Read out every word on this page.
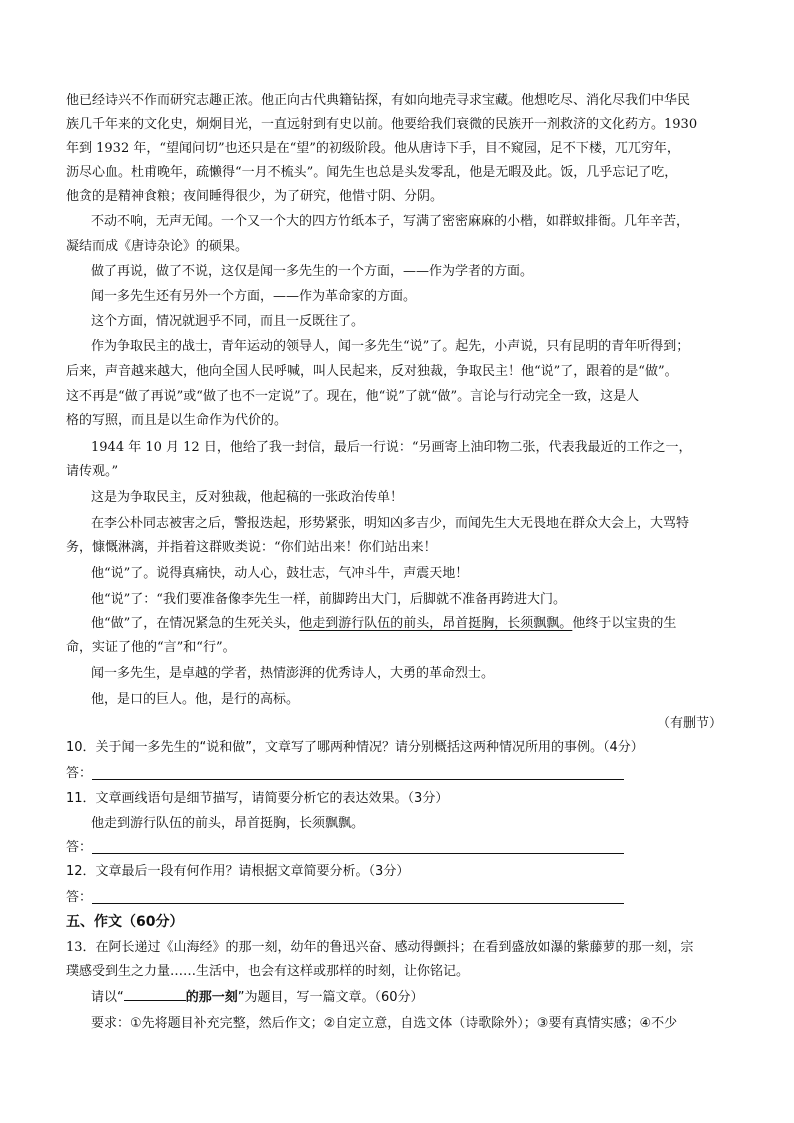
他已经诗兴不作而研究志趣正浓。他正向古代典籍钻探，有如向地壳寻求宝藏。他想吃尽、消化尽我们中华民
族几千年来的文化史，炯炯目光，一直远射到有史以前。他要给我们衰微的民族开一剂救济的文化药方。1930
年到 1932 年，“望闻问切”也还只是在“望”的初级阶段。他从唐诗下手，目不窥园，足不下楼，兀兀穷年，
沥尽心血。杜甫晚年，疏懒得“一月不梳头”。闻先生也总是头发零乱，他是无暇及此。饭，几乎忘记了吃，
他贪的是精神食粮；夜间睡得很少，为了研究，他惜寸阴、分阴。
不动不响，无声无闻。一个又一个大的四方竹纸本子，写满了密密麻麻的小楷，如群蚁排衙。几年辛苦，
凝结而成《唐诗杂论》的硕果。
做了再说，做了不说，这仅是闻一多先生的一个方面，——作为学者的方面。
闻一多先生还有另外一个方面，——作为革命家的方面。
这个方面，情况就迥乎不同，而且一反既往了。
作为争取民主的战士，青年运动的领导人，闻一多先生“说”了。起先，小声说，只有昆明的青年听得到；
后来，声音越来越大，他向全国人民呼喊，叫人民起来，反对独裁，争取民主！他“说”了，跟着的是“做”。
这不再是“做了再说”或“做了也不一定说”了。现在，他“说”了就“做”。言论与行动完全一致，这是人
格的写照，而且是以生命作为代价的。
1944 年 10 月 12 日，他给了我一封信，最后一行说：“另画寄上油印物二张，代表我最近的工作之一，
请传观。”
这是为争取民主，反对独裁，他起稿的一张政治传单！
在李公朴同志被害之后，警报迭起，形势紧张，明知凶多吉少，而闻先生大无畏地在群众大会上，大骂特
务，慷慨淋漓，并指着这群败类说：“你们站出来！你们站出来！
他“说”了。说得真痛快，动人心，鼓壮志，气冲斗牛，声震天地！
他“说”了：“我们要准备像李先生一样，前脚跨出大门，后脚就不准备再跨进大门。
他“做”了，在情况紧急的生死关头，他走到游行队伍的前头，昂首挺胸，长须飘飘。他终于以宝贵的生
命，实证了他的“言”和“行”。
闻一多先生，是卓越的学者，热情澎湃的优秀诗人，大勇的革命烈士。
他，是口的巨人。他，是行的高标。
（有删节）
10．关于闻一多先生的“说和做”，文章写了哪两种情况？请分别概括这两种情况所用的事例。（4分）
答：
11．文章画线语句是细节描写，请简要分析它的表达效果。（3分）
他走到游行队伍的前头，昂首挺胸，长须飘飘。
答：
12．文章最后一段有何作用？请根据文章简要分析。（3分）
答：
五、作文（60分）
13．在阿长递过《山海经》的那一刻，幼年的鲁迅兴奋、感动得颤抖；在看到盛放如瀑的紫藤萝的那一刻，宗
璞感受到生之力量……生活中，也会有这样或那样的时刻，让你铭记。
请以“	的那一刻”为题目，写一篇文章。（60分）
要求：①先将题目补充完整，然后作文；②自定立意，自选文体（诗歌除外）；③要有真情实感；④不少
